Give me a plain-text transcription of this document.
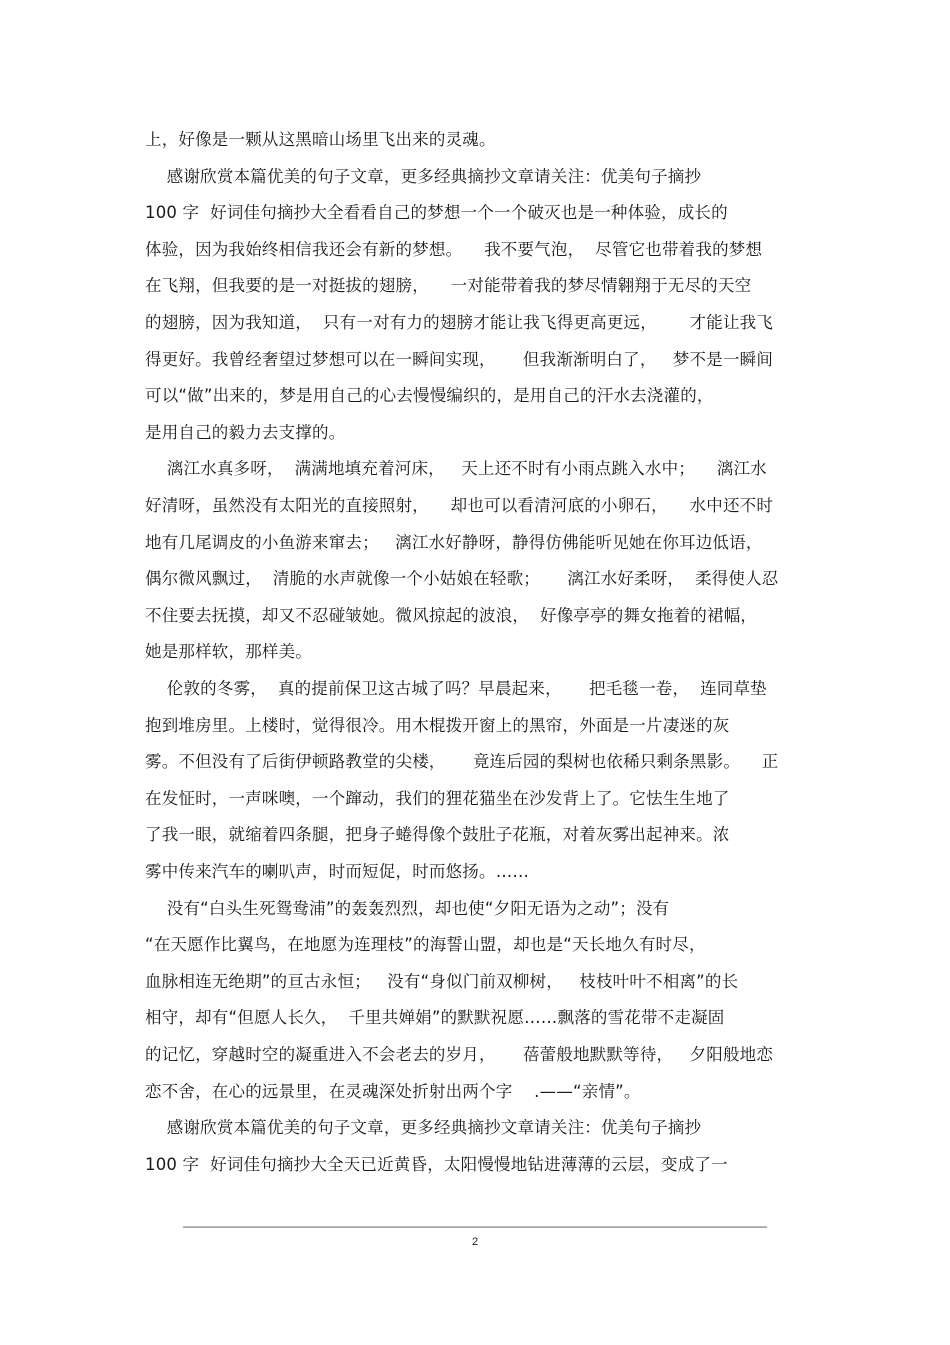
上，好像是一颗从这黑暗山场里飞出来的灵魂。
感谢欣赏本篇优美的句子文章，更多经典摘抄文章请关注：优美句子摘抄
100 字  好词佳句摘抄大全看看自己的梦想一个一个破灭也是一种体验，成长的
体验，因为我始终相信我还会有新的梦想。    我不要气泡，  尽管它也带着我的梦想
在飞翔，但我要的是一对挺拔的翅膀，    一对能带着我的梦尽情翱翔于无尽的天空
的翅膀，因为我知道，  只有一对有力的翅膀才能让我飞得更高更远，      才能让我飞
得更好。我曾经奢望过梦想可以在一瞬间实现，     但我渐渐明白了，   梦不是一瞬间
可以“做”出来的，梦是用自己的心去慢慢编织的，是用自己的汗水去浇灌的，
是用自己的毅力去支撑的。
漓江水真多呀，  满满地填充着河床，   天上还不时有小雨点跳入水中；    漓江水
好清呀，虽然没有太阳光的直接照射，    却也可以看清河底的小卵石，    水中还不时
地有几尾调皮的小鱼游来窜去；   漓江水好静呀，静得仿佛能听见她在你耳边低语，
偶尔微风飘过，  清脆的水声就像一个小姑娘在轻歌；     漓江水好柔呀，  柔得使人忍
不住要去抚摸，却又不忍碰皱她。微风掠起的波浪，  好像亭亭的舞女拖着的裙幅，
她是那样软，那样美。
伦敦的冬雾，  真的提前保卫这古城了吗？早晨起来，     把毛毯一卷，  连同草垫
抱到堆房里。上楼时，觉得很冷。用木棍拨开窗上的黑帘，外面是一片凄迷的灰
雾。不但没有了后街伊顿路教堂的尖楼，     竟连后园的梨树也依稀只剩条黑影。    正
在发怔时，一声咪噢，一个蹿动，我们的狸花猫坐在沙发背上了。它怯生生地了
了我一眼，就缩着四条腿，把身子蜷得像个鼓肚子花瓶，对着灰雾出起神来。浓
雾中传来汽车的喇叭声，时而短促，时而悠扬。……
没有“白头生死鸳鸯浦”的轰轰烈烈，却也使“夕阳无语为之动”；没有
“在天愿作比翼鸟，在地愿为连理枝”的海誓山盟，却也是“天长地久有时尽，
血脉相连无绝期”的亘古永恒；   没有“身似门前双柳树，   枝枝叶叶不相离”的长
相守，却有“但愿人长久，  千里共婵娟”的默默祝愿……飘落的雪花带不走凝固
的记忆，穿越时空的凝重进入不会老去的岁月，     蓓蕾般地默默等待，   夕阳般地恋
恋不舍，在心的远景里，在灵魂深处折射出两个字    .——“亲情”。
感谢欣赏本篇优美的句子文章，更多经典摘抄文章请关注：优美句子摘抄
100 字  好词佳句摘抄大全天已近黄昏，太阳慢慢地钻进薄薄的云层，变成了一
2
